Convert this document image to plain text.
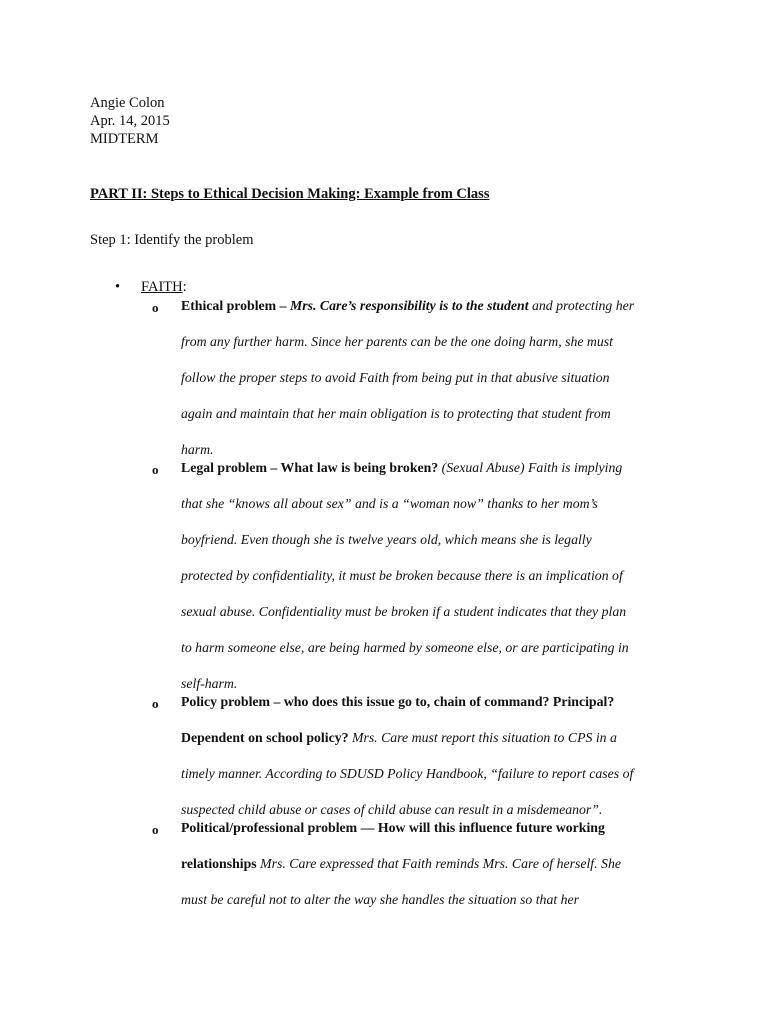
Angie Colon
Apr. 14, 2015
MIDTERM
PART II: Steps to Ethical Decision Making: Example from Class
Step 1: Identify the problem
• FAITH:
o Ethical problem – Mrs. Care’s responsibility is to the student and protecting her
from any further harm. Since her parents can be the one doing harm, she must
follow the proper steps to avoid Faith from being put in that abusive situation
again and maintain that her main obligation is to protecting that student from
harm.
o Legal problem – What law is being broken? (Sexual Abuse) Faith is implying
that she “knows all about sex” and is a “woman now” thanks to her mom’s
boyfriend. Even though she is twelve years old, which means she is legally
protected by confidentiality, it must be broken because there is an implication of
sexual abuse. Confidentiality must be broken if a student indicates that they plan
to harm someone else, are being harmed by someone else, or are participating in
self-harm.
o Policy problem – who does this issue go to, chain of command? Principal?
Dependent on school policy? Mrs. Care must report this situation to CPS in a
timely manner. According to SDUSD Policy Handbook, “failure to report cases of
suspected child abuse or cases of child abuse can result in a misdemeanor”.
o Political/professional problem — How will this influence future working
relationships Mrs. Care expressed that Faith reminds Mrs. Care of herself. She
must be careful not to alter the way she handles the situation so that her
